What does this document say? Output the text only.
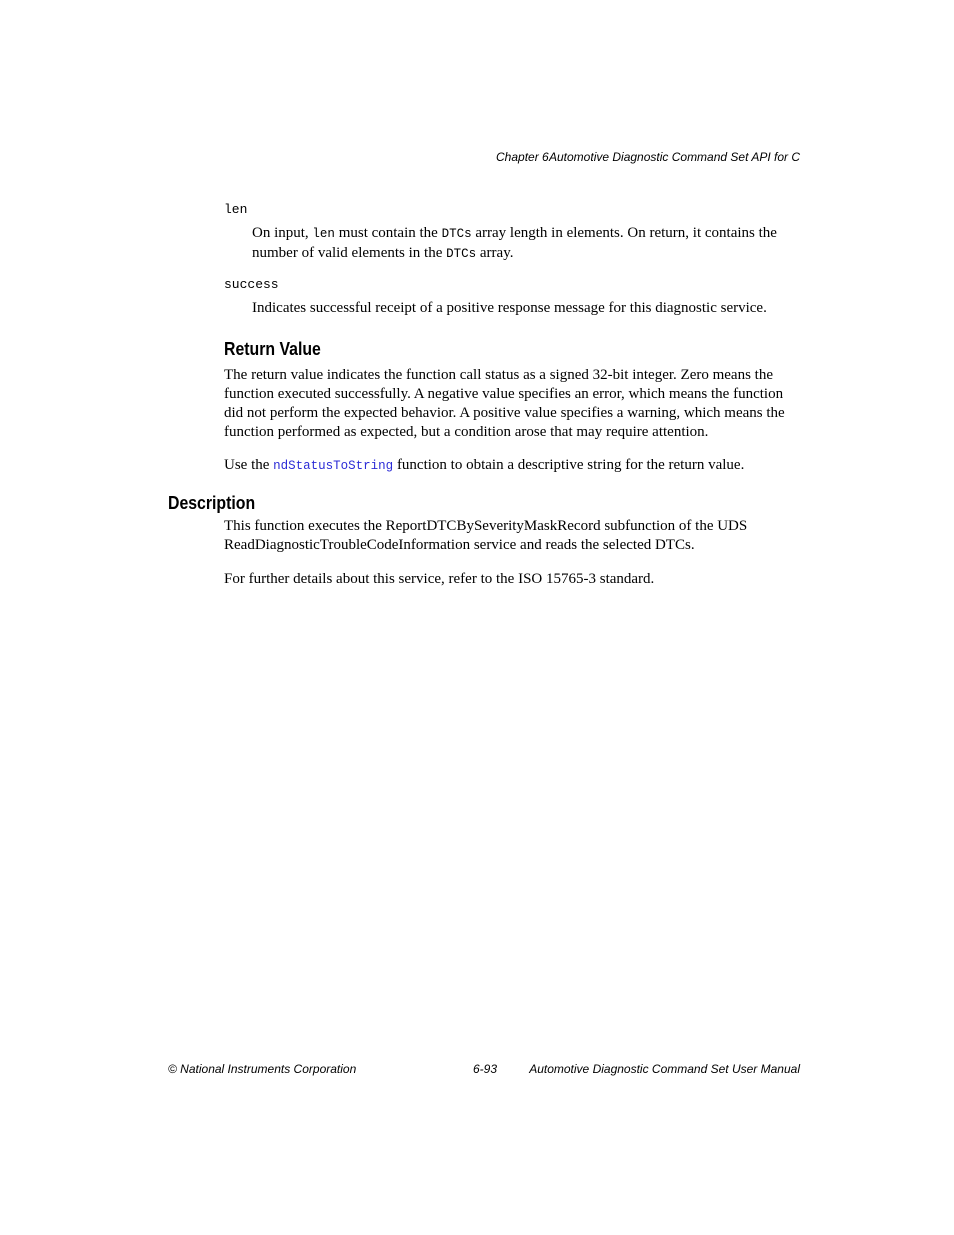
Chapter 6 Automotive Diagnostic Command Set API for C
len

On input, len must contain the DTCs array length in elements. On return, it contains the number of valid elements in the DTCs array.

success

Indicates successful receipt of a positive response message for this diagnostic service.

Return Value

The return value indicates the function call status as a signed 32-bit integer. Zero means the function executed successfully. A negative value specifies an error, which means the function did not perform the expected behavior. A positive value specifies a warning, which means the function performed as expected, but a condition arose that may require attention.

Use the ndStatusToString function to obtain a descriptive string for the return value.

Description

This function executes the ReportDTCBySeverityMaskRecord subfunction of the UDS ReadDiagnosticTroubleCodeInformation service and reads the selected DTCs.

For further details about this service, refer to the ISO 15765-3 standard.

© National Instruments Corporation	6-93	Automotive Diagnostic Command Set User Manual
